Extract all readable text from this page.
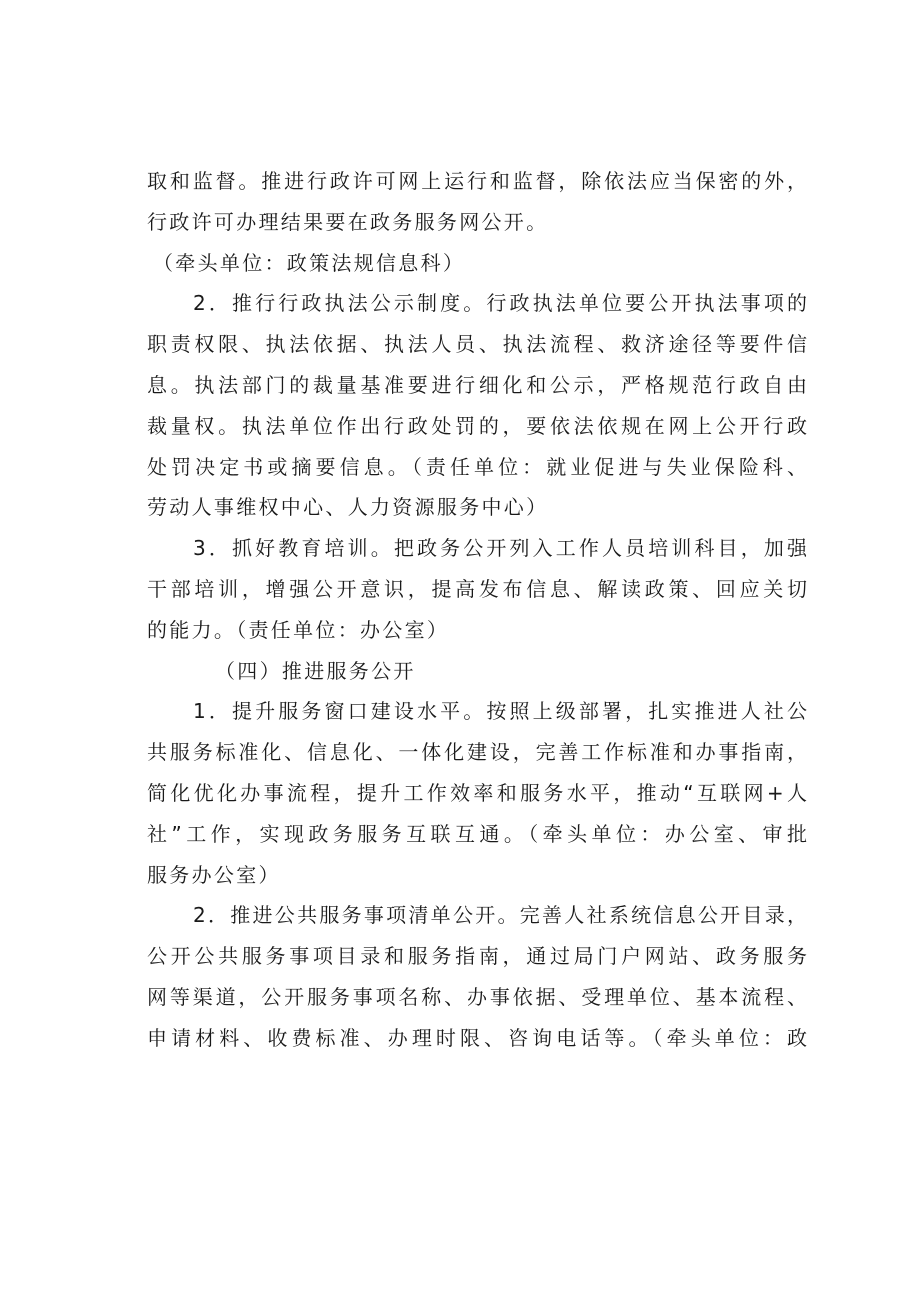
取和监督。推进行政许可网上运行和监督，除依法应当保密的外，
行政许可办理结果要在政务服务网公开。
（牵头单位：政策法规信息科）
2．推行行政执法公示制度。行政执法单位要公开执法事项的
职责权限、执法依据、执法人员、执法流程、救济途径等要件信
息。执法部门的裁量基准要进行细化和公示，严格规范行政自由
裁量权。执法单位作出行政处罚的，要依法依规在网上公开行政
处罚决定书或摘要信息。（责任单位：就业促进与失业保险科、
劳动人事维权中心、人力资源服务中心）
3．抓好教育培训。把政务公开列入工作人员培训科目，加强
干部培训，增强公开意识，提高发布信息、解读政策、回应关切
的能力。（责任单位：办公室）
（四）推进服务公开
1．提升服务窗口建设水平。按照上级部署，扎实推进人社公
共服务标准化、信息化、一体化建设，完善工作标准和办事指南，
简化优化办事流程，提升工作效率和服务水平，推动“互联网+人
社”工作，实现政务服务互联互通。（牵头单位：办公室、审批
服务办公室）
2．推进公共服务事项清单公开。完善人社系统信息公开目录，
公开公共服务事项目录和服务指南，通过局门户网站、政务服务
网等渠道，公开服务事项名称、办事依据、受理单位、基本流程、
申请材料、收费标准、办理时限、咨询电话等。（牵头单位：政
